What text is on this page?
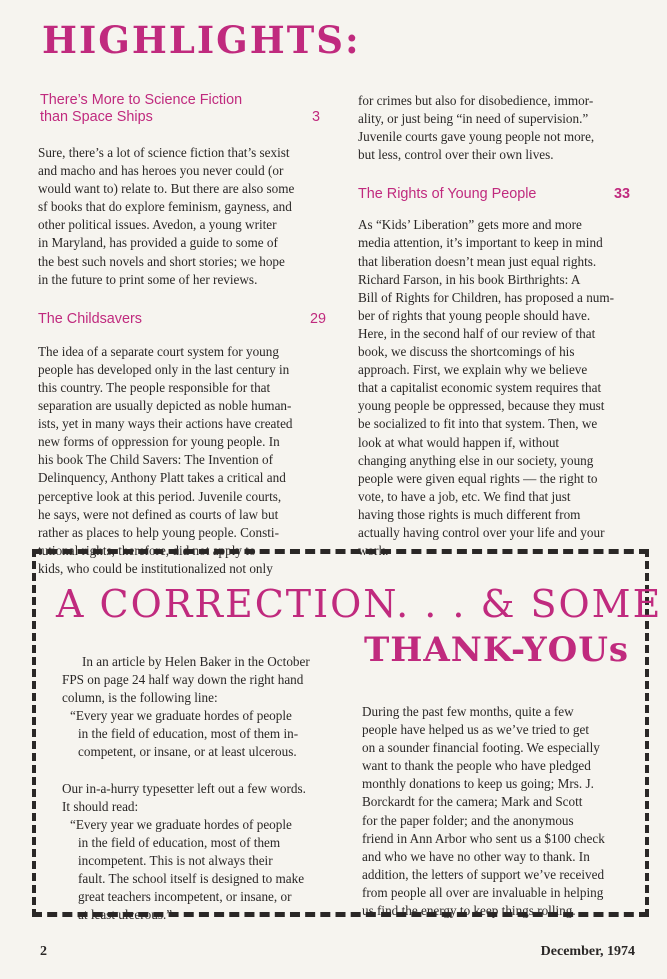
HIGHLIGHTS:
There’s More to Science Fiction
than Space Ships	3

Sure, there’s a lot of science fiction that’s sexist

and macho and has heroes you never could (or

would want to) relate to. But there are also some

sf books that do explore feminism, gayness, and

other political issues. Avedon, a young writer

in Maryland, has provided a guide to some of

the best such novels and short stories; we hope

in the future to print some of her reviews.

The Childsavers	29

The idea of a separate court system for young

people has developed only in the last century in

this country. The people responsible for that

separation are usually depicted as noble human-

ists, yet in many ways their actions have created

new forms of oppression for young people. In

his book The Child Savers: The Invention of

Delinquency, Anthony Platt takes a critical and

perceptive look at this period. Juvenile courts,

he says, were not defined as courts of law but

rather as places to help young people. Consti-

tutional rights, therefore, did not apply to

kids, who could be institutionalized not only

for crimes but also for disobedience, immor-

ality, or just being “in need of supervision.”

Juvenile courts gave young people not more,

but less, control over their own lives.

The Rights of Young People	33

As “Kids’ Liberation” gets more and more

media attention, it’s important to keep in mind

that liberation doesn’t mean just equal rights.

Richard Farson, in his book Birthrights: A

Bill of Rights for Children, has proposed a num-

ber of rights that young people should have.

Here, in the second half of our review of that

book, we discuss the shortcomings of his

approach. First, we explain why we believe

that a capitalist economic system requires that

young people be oppressed, because they must

be socialized to fit into that system. Then, we

look at what would happen if, without

changing anything else in our society, young

people were given equal rights — the right to

vote, to have a job, etc. We find that just

having those rights is much different from

actually having control over your life and your

work.

A CORRECTION. . . & SOME
THANK-YOUs

In an article by Helen Baker in the October

FPS on page 24 half way down the right hand

column, is the following line:

“Every year we graduate hordes of people

in the field of education, most of them in-

competent, or insane, or at least ulcerous.

Our in-a-hurry typesetter left out a few words.

It should read:

“Every year we graduate hordes of people

in the field of education, most of them

incompetent. This is not always their

fault. The school itself is designed to make

great teachers incompetent, or insane, or

at least ulcerous.”

During the past few months, quite a few

people have helped us as we’ve tried to get

on a sounder financial footing. We especially

want to thank the people who have pledged

monthly donations to keep us going; Mrs. J.

Borckardt for the camera; Mark and Scott

for the paper folder; and the anonymous

friend in Ann Arbor who sent us a $100 check

and who we have no other way to thank. In

addition, the letters of support we’ve received

from people all over are invaluable in helping

us find the energy to keep things rolling.

2	December, 1974
